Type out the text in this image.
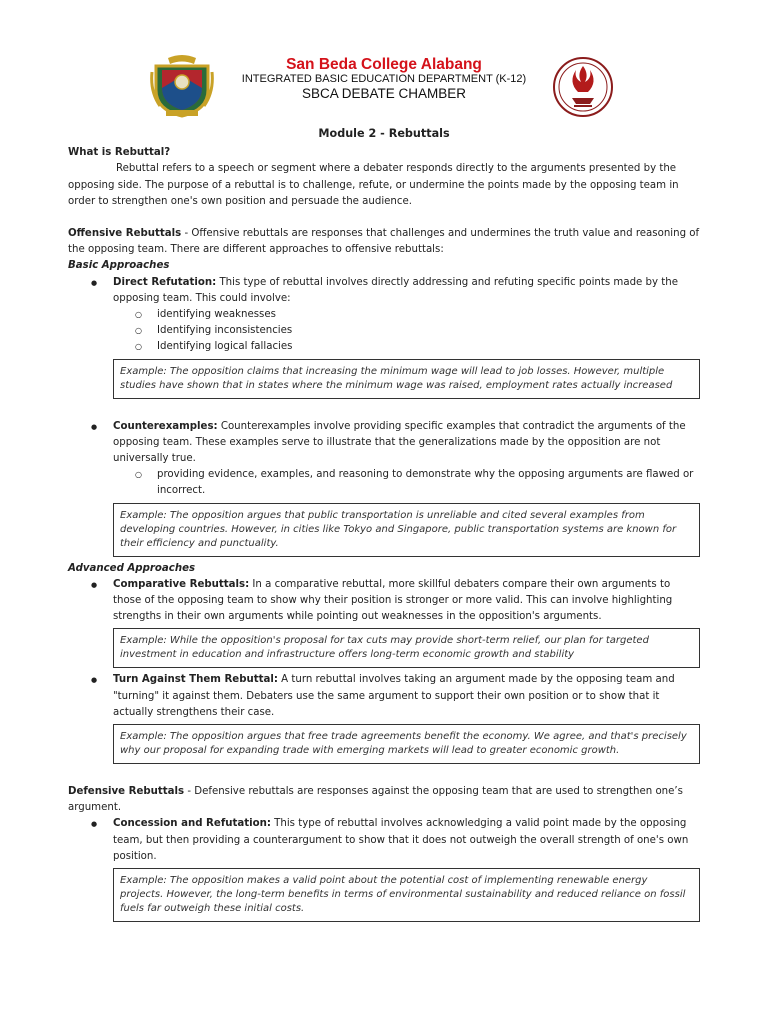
San Beda College Alabang
INTEGRATED BASIC EDUCATION DEPARTMENT (K-12)
SBCA DEBATE CHAMBER
Module 2 - Rebuttals

What is Rebuttal?

Rebuttal refers to a speech or segment where a debater responds directly to the arguments presented by the opposing side. The purpose of a rebuttal is to challenge, refute, or undermine the points made by the opposing team in order to strengthen one's own position and persuade the audience.

Offensive Rebuttals - Offensive rebuttals are responses that challenges and undermines the truth value and reasoning of the opposing team. There are different approaches to offensive rebuttals:

Basic Approaches

● Direct Refutation: This type of rebuttal involves directly addressing and refuting specific points made by the opposing team. This could involve:
○ identifying weaknesses
○ Identifying inconsistencies
○ Identifying logical fallacies
Example: The opposition claims that increasing the minimum wage will lead to job losses. However, multiple studies have shown that in states where the minimum wage was raised, employment rates actually increased
● Counterexamples: Counterexamples involve providing specific examples that contradict the arguments of the opposing team. These examples serve to illustrate that the generalizations made by the opposition are not universally true.
○ providing evidence, examples, and reasoning to demonstrate why the opposing arguments are flawed or incorrect.
Example: The opposition argues that public transportation is unreliable and cited several examples from developing countries. However, in cities like Tokyo and Singapore, public transportation systems are known for their efficiency and punctuality.

Advanced Approaches

● Comparative Rebuttals: In a comparative rebuttal, more skillful debaters compare their own arguments to those of the opposing team to show why their position is stronger or more valid. This can involve highlighting strengths in their own arguments while pointing out weaknesses in the opposition's arguments.
Example: While the opposition's proposal for tax cuts may provide short-term relief, our plan for targeted investment in education and infrastructure offers long-term economic growth and stability
● Turn Against Them Rebuttal: A turn rebuttal involves taking an argument made by the opposing team and "turning" it against them. Debaters use the same argument to support their own position or to show that it actually strengthens their case.
Example: The opposition argues that free trade agreements benefit the economy. We agree, and that's precisely why our proposal for expanding trade with emerging markets will lead to greater economic growth.

Defensive Rebuttals - Defensive rebuttals are responses against the opposing team that are used to strengthen one’s argument.

● Concession and Refutation: This type of rebuttal involves acknowledging a valid point made by the opposing team, but then providing a counterargument to show that it does not outweigh the overall strength of one's own position.
Example: The opposition makes a valid point about the potential cost of implementing renewable energy projects. However, the long-term benefits in terms of environmental sustainability and reduced reliance on fossil fuels far outweigh these initial costs.
